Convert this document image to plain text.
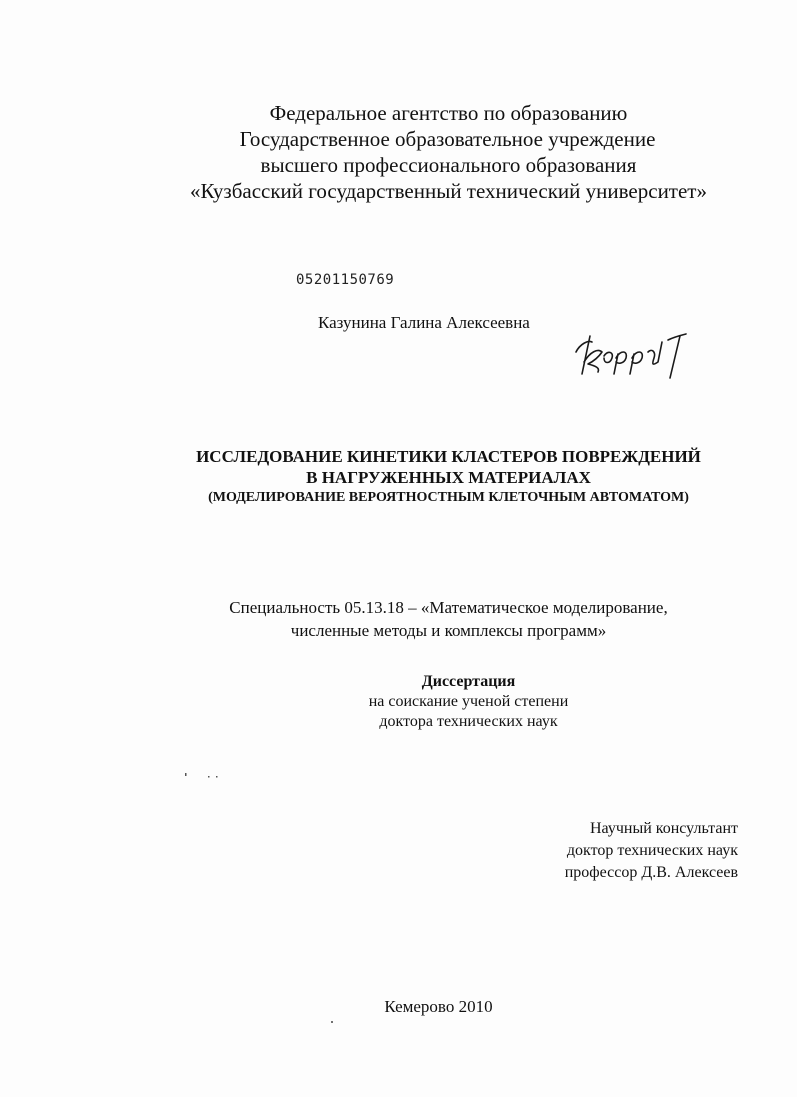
Федеральное агентство по образованию
Государственное образовательное учреждение
высшего профессионального образования
«Кузбасский государственный технический университет»
05201150769
Казунина Галина Алексеевна
ИССЛЕДОВАНИЕ КИНЕТИКИ КЛАСТЕРОВ ПОВРЕЖДЕНИЙ
В НАГРУЖЕННЫХ МАТЕРИАЛАХ
(МОДЕЛИРОВАНИЕ ВЕРОЯТНОСТНЫМ КЛЕТОЧНЫМ АВТОМАТОМ)
Специальность 05.13.18 – «Математическое моделирование,
численные методы и комплексы программ»
Диссертация
на соискание ученой степени
доктора технических наук
Научный консультант
доктор технических наук
профессор Д.В. Алексеев
Кемерово 2010
